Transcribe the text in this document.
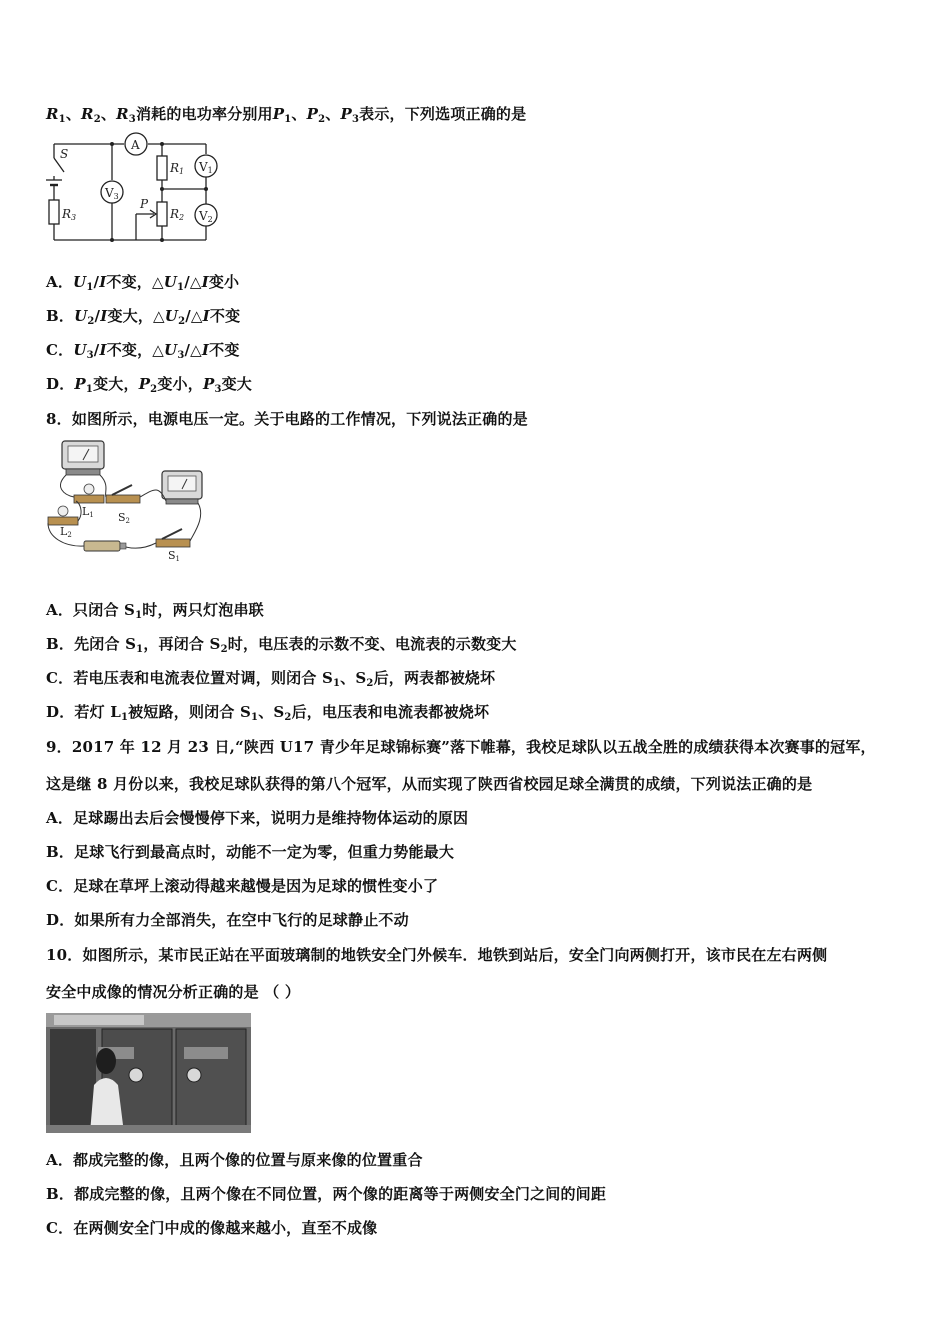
$R_1$、$R_2$、$R_3$消耗的电功率分别用$P_1$、$P_2$、$P_3$表示，下列选项正确的是
S
A
V3
V1
V2
R1
R2
R3
P
A．$U_1/I$不变，$\triangle U_1/\triangle I$变小
B．$U_2/I$变大，$\triangle U_2/\triangle I$不变
C．$U_3/I$不变，$\triangle U_3/\triangle I$不变
D．$P_1$变大，$P_2$变小，$P_3$变大
8．如图所示，电源电压一定。关于电路的工作情况，下列说法正确的是
L1 S2
L2
S1
A．只闭合 $S_1$时，两只灯泡串联
B．先闭合 $S_1$，再闭合 $S_2$时，电压表的示数不变、电流表的示数变大
C．若电压表和电流表位置对调，则闭合 $S_1$、$S_2$后，两表都被烧坏
D．若灯 $L_1$被短路，则闭合 $S_1$、$S_2$后，电压表和电流表都被烧坏
9．2017 年 12 月 23 日,“陕西 U17 青少年足球锦标赛”落下帷幕，我校足球队以五战全胜的成绩获得本次赛事的冠军，
这是继 8 月份以来，我校足球队获得的第八个冠军，从而实现了陕西省校园足球全满贯的成绩，下列说法正确的是
A．足球踢出去后会慢慢停下来，说明力是维持物体运动的原因
B．足球飞行到最高点时，动能不一定为零，但重力势能最大
C．足球在草坪上滚动得越来越慢是因为足球的惯性变小了
D．如果所有力全部消失，在空中飞行的足球静止不动
10．如图所示，某市民正站在平面玻璃制的地铁安全门外候车．地铁到站后，安全门向两侧打开，该市民在左右两侧
安全中成像的情况分析正确的是 （ ）
A．都成完整的像，且两个像的位置与原来像的位置重合
B．都成完整的像，且两个像在不同位置，两个像的距离等于两侧安全门之间的间距
C．在两侧安全门中成的像越来越小，直至不成像
